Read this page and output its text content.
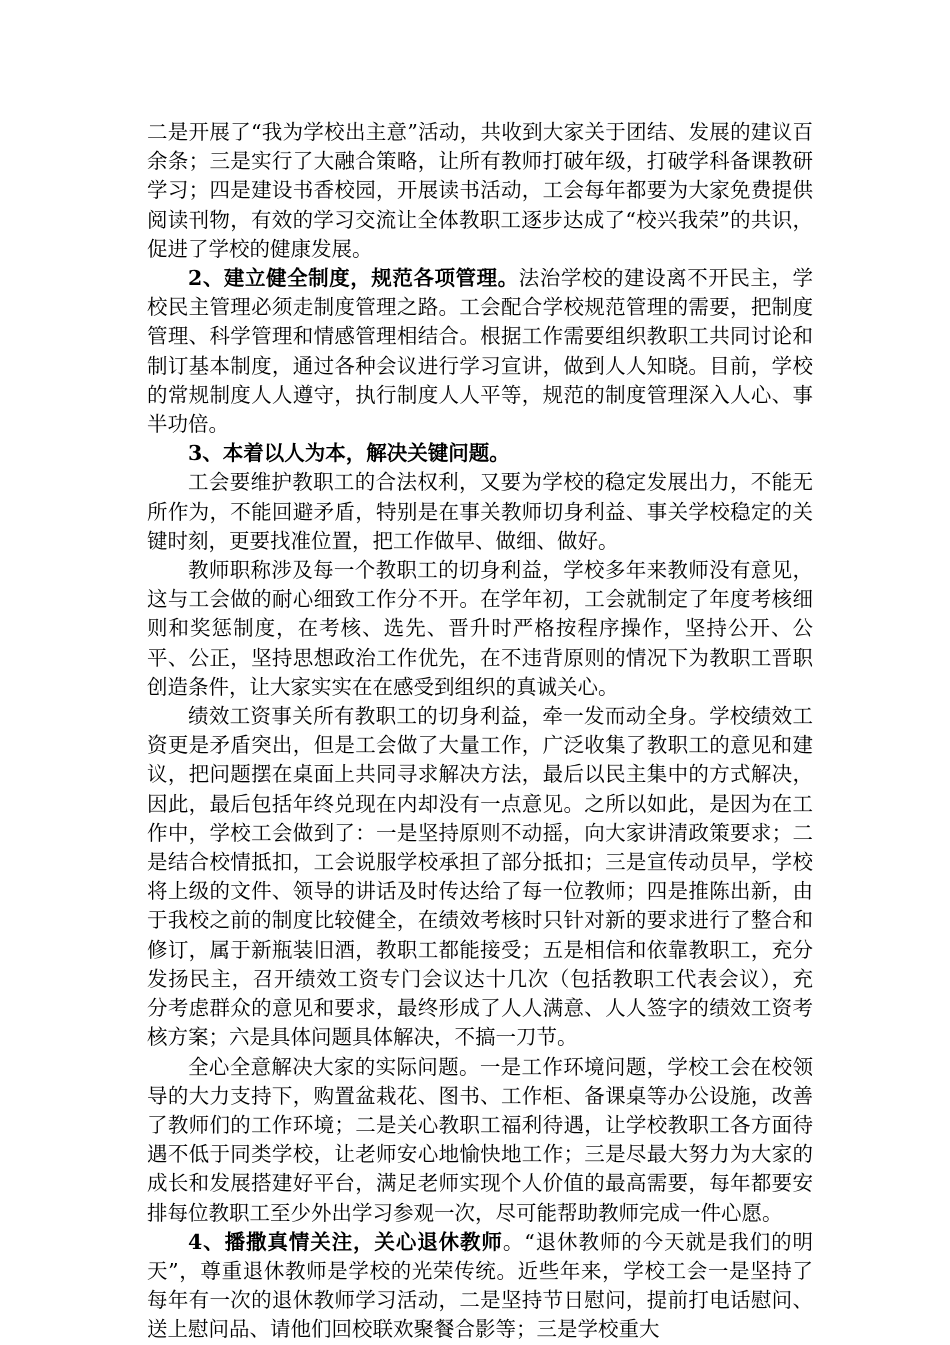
二是开展了“我为学校出主意”活动，共收到大家关于团结、发展的建议百余条；三是实行了大融合策略，让所有教师打破年级，打破学科备课教研学习；四是建设书香校园，开展读书活动，工会每年都要为大家免费提供阅读刊物，有效的学习交流让全体教职工逐步达成了“校兴我荣”的共识，促进了学校的健康发展。

2、建立健全制度，规范各项管理。法治学校的建设离不开民主，学校民主管理必须走制度管理之路。工会配合学校规范管理的需要，把制度管理、科学管理和情感管理相结合。根据工作需要组织教职工共同讨论和制订基本制度，通过各种会议进行学习宣讲，做到人人知晓。目前，学校的常规制度人人遵守，执行制度人人平等，规范的制度管理深入人心、事半功倍。

3、本着以人为本，解决关键问题。

工会要维护教职工的合法权利，又要为学校的稳定发展出力，不能无所作为，不能回避矛盾，特别是在事关教师切身利益、事关学校稳定的关键时刻，更要找准位置，把工作做早、做细、做好。

教师职称涉及每一个教职工的切身利益，学校多年来教师没有意见，这与工会做的耐心细致工作分不开。在学年初，工会就制定了年度考核细则和奖惩制度，在考核、选先、晋升时严格按程序操作，坚持公开、公平、公正，坚持思想政治工作优先，在不违背原则的情况下为教职工晋职创造条件，让大家实实在在感受到组织的真诚关心。

绩效工资事关所有教职工的切身利益，牵一发而动全身。学校绩效工资更是矛盾突出，但是工会做了大量工作，广泛收集了教职工的意见和建议，把问题摆在桌面上共同寻求解决方法，最后以民主集中的方式解决，因此，最后包括年终兑现在内却没有一点意见。之所以如此，是因为在工作中，学校工会做到了：一是坚持原则不动摇，向大家讲清政策要求；二是结合校情抵扣，工会说服学校承担了部分抵扣；三是宣传动员早，学校将上级的文件、领导的讲话及时传达给了每一位教师；四是推陈出新，由于我校之前的制度比较健全，在绩效考核时只针对新的要求进行了整合和修订，属于新瓶装旧酒，教职工都能接受；五是相信和依靠教职工，充分发扬民主，召开绩效工资专门会议达十几次（包括教职工代表会议），充分考虑群众的意见和要求，最终形成了人人满意、人人签字的绩效工资考核方案；六是具体问题具体解决，不搞一刀节。

全心全意解决大家的实际问题。一是工作环境问题，学校工会在校领导的大力支持下，购置盆栽花、图书、工作柜、备课桌等办公设施，改善了教师们的工作环境；二是关心教职工福利待遇，让学校教职工各方面待遇不低于同类学校，让老师安心地愉快地工作；三是尽最大努力为大家的成长和发展搭建好平台，满足老师实现个人价值的最高需要，每年都要安排每位教职工至少外出学习参观一次，尽可能帮助教师完成一件心愿。

4、播撒真情关注，关心退休教师。“退休教师的今天就是我们的明天”，尊重退休教师是学校的光荣传统。近些年来，学校工会一是坚持了每年有一次的退休教师学习活动，二是坚持节日慰问，提前打电话慰问、送上慰问品、请他们回校联欢聚餐合影等；三是学校重大
